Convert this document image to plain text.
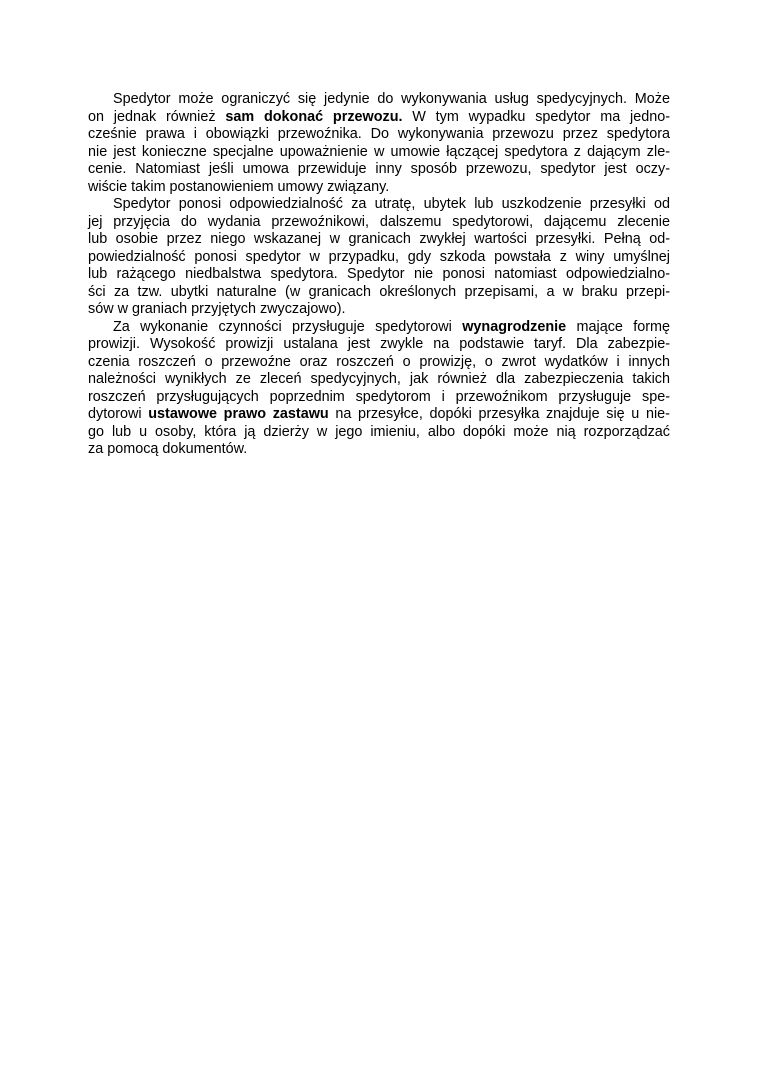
Spedytor może ograniczyć się jedynie do wykonywania usług spedycyjnych. Może
on jednak również sam dokonać przewozu. W tym wypadku spedytor ma jedno-
cześnie prawa i obowiązki przewoźnika. Do wykonywania przewozu przez spedytora
nie jest konieczne specjalne upoważnienie w umowie łączącej spedytora z dającym zle-
cenie. Natomiast jeśli umowa przewiduje inny sposób przewozu, spedytor jest oczy-
wiście takim postanowieniem umowy związany.
Spedytor ponosi odpowiedzialność za utratę, ubytek lub uszkodzenie przesyłki od
jej przyjęcia do wydania przewoźnikowi, dalszemu spedytorowi, dającemu zlecenie
lub osobie przez niego wskazanej w granicach zwykłej wartości przesyłki. Pełną od-
powiedzialność ponosi spedytor w przypadku, gdy szkoda powstała z winy umyślnej
lub rażącego niedbalstwa spedytora. Spedytor nie ponosi natomiast odpowiedzialno-
ści za tzw. ubytki naturalne (w granicach określonych przepisami, a w braku przepi-
sów w graniach przyjętych zwyczajowo).
Za wykonanie czynności przysługuje spedytorowi wynagrodzenie mające formę
prowizji. Wysokość prowizji ustalana jest zwykle na podstawie taryf. Dla zabezpie-
czenia roszczeń o przewoźne oraz roszczeń o prowizję, o zwrot wydatków i innych
należności wynikłych ze zleceń spedycyjnych, jak również dla zabezpieczenia takich
roszczeń przysługujących poprzednim spedytorom i przewoźnikom przysługuje spe-
dytorowi ustawowe prawo zastawu na przesyłce, dopóki przesyłka znajduje się u nie-
go lub u osoby, która ją dzierży w jego imieniu, albo dopóki może nią rozporządzać
za pomocą dokumentów.
